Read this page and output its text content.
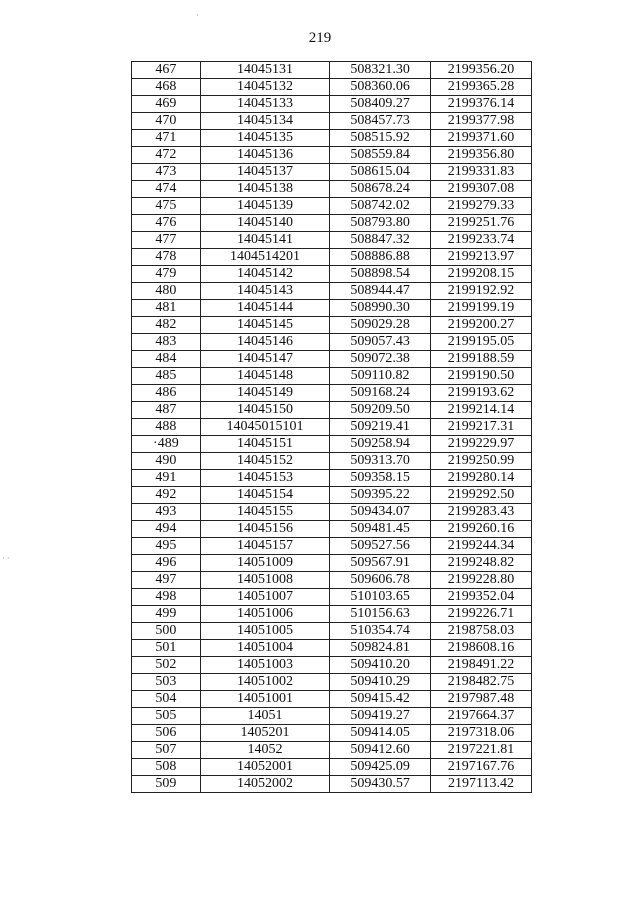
219
·
· ·
467	14045131	508321.30	2199356.20
468	14045132	508360.06	2199365.28
469	14045133	508409.27	2199376.14
470	14045134	508457.73	2199377.98
471	14045135	508515.92	2199371.60
472	14045136	508559.84	2199356.80
473	14045137	508615.04	2199331.83
474	14045138	508678.24	2199307.08
475	14045139	508742.02	2199279.33
476	14045140	508793.80	2199251.76
477	14045141	508847.32	2199233.74
478	1404514201	508886.88	2199213.97
479	14045142	508898.54	2199208.15
480	14045143	508944.47	2199192.92
481	14045144	508990.30	2199199.19
482	14045145	509029.28	2199200.27
483	14045146	509057.43	2199195.05
484	14045147	509072.38	2199188.59
485	14045148	509110.82	2199190.50
486	14045149	509168.24	2199193.62
487	14045150	509209.50	2199214.14
488	14045015101	509219.41	2199217.31
·489	14045151	509258.94	2199229.97
490	14045152	509313.70	2199250.99
491	14045153	509358.15	2199280.14
492	14045154	509395.22	2199292.50
493	14045155	509434.07	2199283.43
494	14045156	509481.45	2199260.16
495	14045157	509527.56	2199244.34
496	14051009	509567.91	2199248.82
497	14051008	509606.78	2199228.80
498	14051007	510103.65	2199352.04
499	14051006	510156.63	2199226.71
500	14051005	510354.74	2198758.03
501	14051004	509824.81	2198608.16
502	14051003	509410.20	2198491.22
503	14051002	509410.29	2198482.75
504	14051001	509415.42	2197987.48
505	14051	509419.27	2197664.37
506	1405201	509414.05	2197318.06
507	14052	509412.60	2197221.81
508	14052001	509425.09	2197167.76
509	14052002	509430.57	2197113.42
